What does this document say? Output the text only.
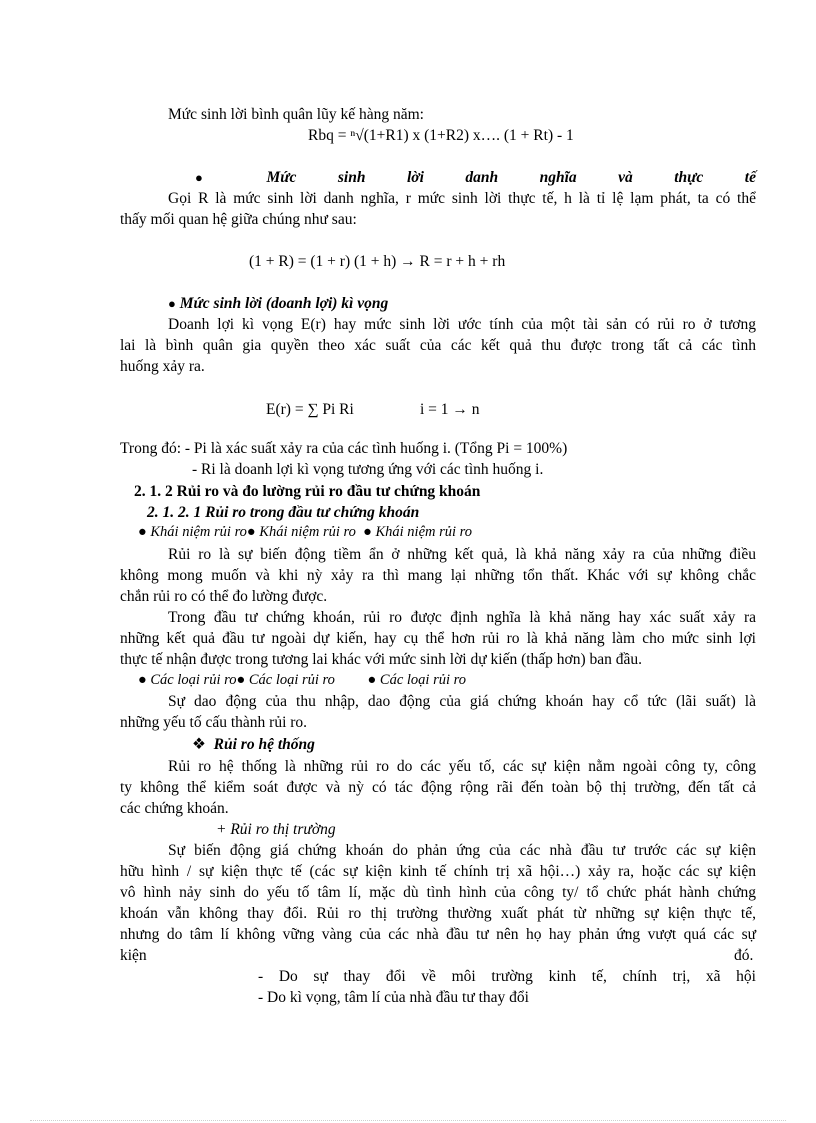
Mức sinh lời bình quân lũy kế hàng năm:
Rbq = ⁿ√(1+R1) x (1+R2) x…. (1 + Rt) - 1
●	Mức	sinh	lời	danh	nghĩa	và	thực	tế
Gọi R là mức sinh lời danh nghĩa, r mức sinh lời thực tế, h là tỉ lệ lạm phát, ta có thể
thấy mối quan hệ giữa chúng như sau:
(1 + R) = (1 + r) (1 + h) → R = r + h + rh
● Mức sinh lời (doanh lợi) kì vọng
Doanh lợi kì vọng E(r) hay mức sinh lời ước tính của một tài sản có rủi ro ở tương
lai là bình quân gia quyền theo xác suất của các kết quả thu được trong tất cả các tình
huống xảy ra.
E(r) = ∑ Pi Ri	i = 1 → n
Trong đó: - Pi là xác suất xảy ra của các tình huống i. (Tổng Pi = 100%)
- Ri là doanh lợi kì vọng tương ứng với các tình huống i.
2. 1. 2 Rủi ro và đo lường rủi ro đầu tư chứng khoán
2. 1. 2. 1 Rủi ro trong đầu tư chứng khoán
● Khái niệm rủi ro● Khái niệm rủi ro ● Khái niệm rủi ro
Rủi ro là sự biến động tiềm ẩn ở những kết quả, là khả năng xảy ra của những điều
không mong muốn và khi nỳ xảy ra thì mang lại những tổn thất. Khác với sự không chắc
chắn rủi ro có thể đo lường được.
Trong đầu tư chứng khoán, rủi ro được định nghĩa là khả năng hay xác suất xảy ra
những kết quả đầu tư ngoài dự kiến, hay cụ thể hơn rủi ro là khả năng làm cho mức sinh lợi
thực tế nhận được trong tương lai khác với mức sinh lời dự kiến (thấp hơn) ban đầu.
● Các loại rủi ro● Các loại rủi ro ● Các loại rủi ro
Sự dao động của thu nhập, dao động của giá chứng khoán hay cổ tức (lãi suất) là
những yếu tố cấu thành rủi ro.
❖ Rủi ro hệ thống
Rủi ro hệ thống là những rủi ro do các yếu tố, các sự kiện nằm ngoài công ty, công
ty không thể kiểm soát được và nỳ có tác động rộng rãi đến toàn bộ thị trường, đến tất cả
các chứng khoán.
+ Rủi ro thị trường
Sự biến động giá chứng khoán do phản ứng của các nhà đầu tư trước các sự kiện
hữu hình / sự kiện thực tế (các sự kiện kinh tế chính trị xã hội…) xảy ra, hoặc các sự kiện
vô hình nảy sinh do yếu tố tâm lí, mặc dù tình hình của công ty/ tổ chức phát hành chứng
khoán vẫn không thay đổi. Rủi ro thị trường thường xuất phát từ những sự kiện thực tế,
nhưng do tâm lí không vững vàng của các nhà đầu tư nên họ hay phản ứng vượt quá các sự
kiện	đó.
- Do sự thay đổi về môi trường kinh tế, chính trị, xã hội
- Do kì vọng, tâm lí của nhà đầu tư thay đổi
